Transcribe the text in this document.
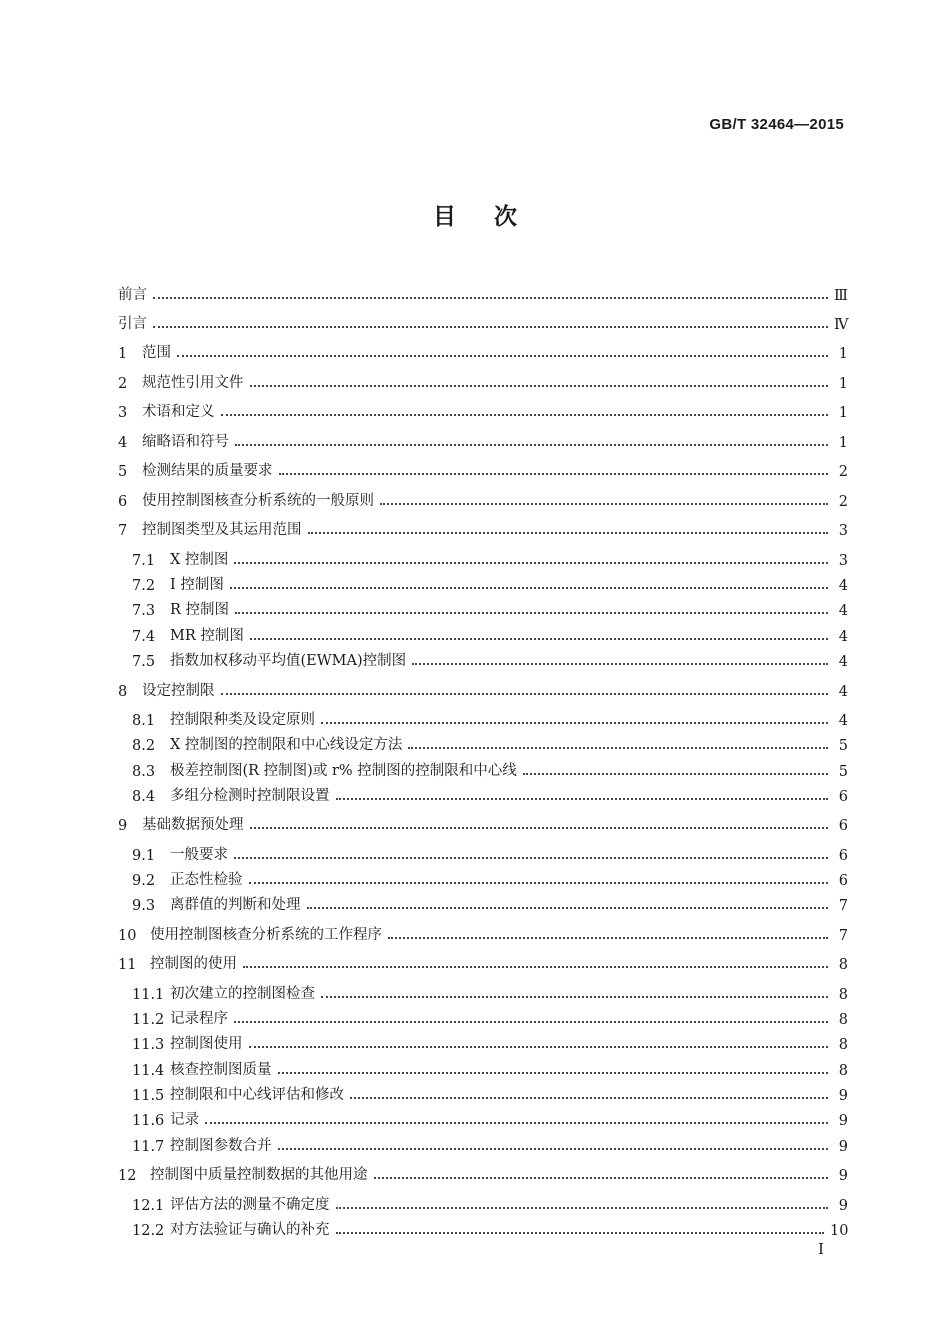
GB/T 32464—2015
目次
前言	Ⅲ
引言	Ⅳ
1	范围	1
2	规范性引用文件	1
3	术语和定义	1
4	缩略语和符号	1
5	检测结果的质量要求	2
6	使用控制图核查分析系统的一般原则	2
7	控制图类型及其运用范围	3
7.1	X 控制图	3
7.2	I 控制图	4
7.3	R 控制图	4
7.4	MR 控制图	4
7.5	指数加权移动平均值(EWMA)控制图	4
8	设定控制限	4
8.1	控制限种类及设定原则	4
8.2	X 控制图的控制限和中心线设定方法	5
8.3	极差控制图(R 控制图)或 r% 控制图的控制限和中心线	5
8.4	多组分检测时控制限设置	6
9	基础数据预处理	6
9.1	一般要求	6
9.2	正态性检验	6
9.3	离群值的判断和处理	7
10 使用控制图核查分析系统的工作程序	7
11 控制图的使用	8
11.1 初次建立的控制图检查	8
11.2 记录程序	8
11.3 控制图使用	8
11.4 核查控制图质量	8
11.5 控制限和中心线评估和修改	9
11.6 记录	9
11.7 控制图参数合并	9
12 控制图中质量控制数据的其他用途	9
12.1 评估方法的测量不确定度	9
12.2 对方法验证与确认的补充	10
I
